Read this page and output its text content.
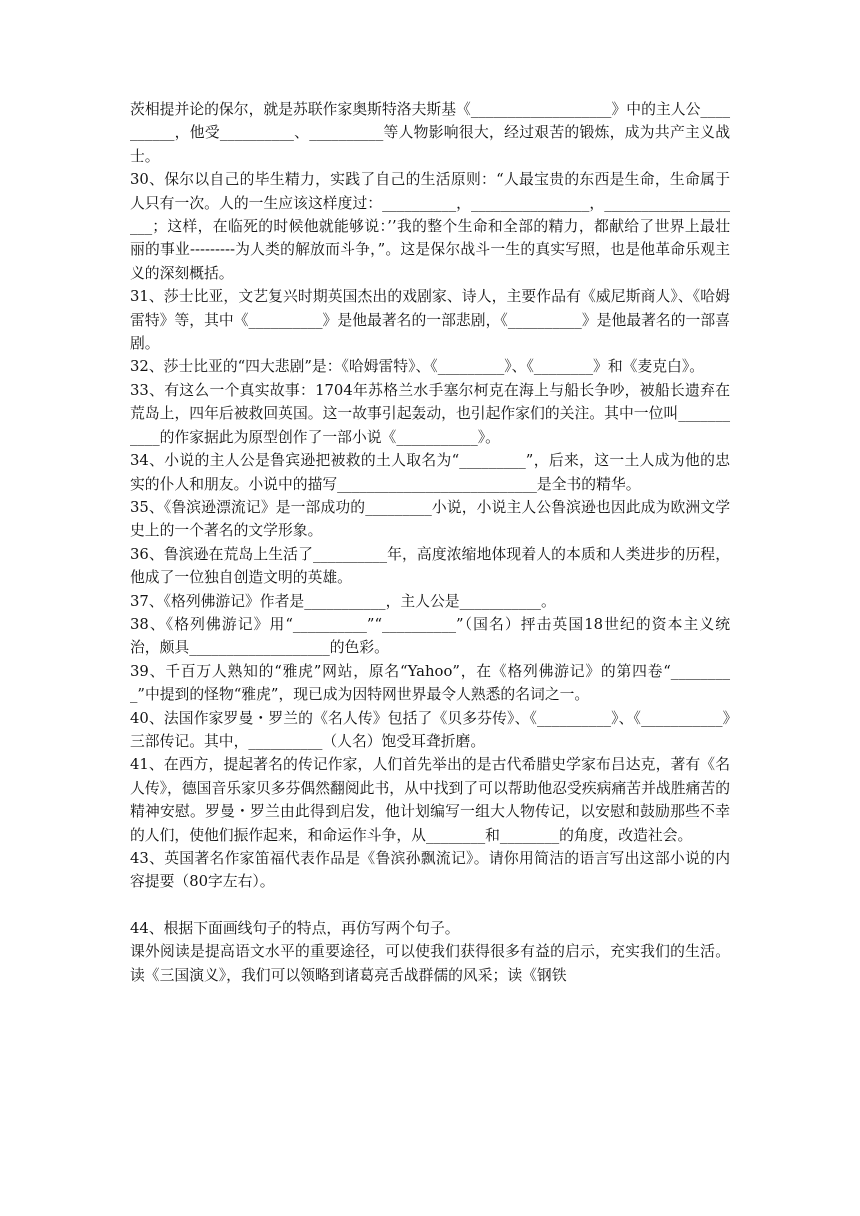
茨相提并论的保尔，就是苏联作家奥斯特洛夫斯基《___________________》中的主人公__________，他受__________、__________等人物影响很大，经过艰苦的锻炼，成为共产主义战士。

30、保尔以自己的毕生精力，实践了自己的生活原则：“人最宝贵的东西是生命，生命属于人只有一次。人的一生应该这样度过：__________，________________，____________________；这样，在临死的时候他就能够说：’’我的整个生命和全部的精力，都献给了世界上最壮丽的事业---------为人类的解放而斗争，”。这是保尔战斗一生的真实写照，也是他革命乐观主义的深刻概括。

31、莎士比亚，文艺复兴时期英国杰出的戏剧家、诗人，主要作品有《威尼斯商人》、《哈姆雷特》等，其中《__________》是他最著名的一部悲剧，《__________》是他最著名的一部喜剧。

32、莎士比亚的“四大悲剧”是：《哈姆雷特》、《_________》、《________》和《麦克白》。

33、有这么一个真实故事：1704年苏格兰水手塞尔柯克在海上与船长争吵，被船长遗弃在荒岛上，四年后被救回英国。这一故事引起轰动，也引起作家们的关注。其中一位叫___________的作家据此为原型创作了一部小说《___________》。

34、小说的主人公是鲁宾逊把被救的土人取名为“_________”，后来，这一土人成为他的忠实的仆人和朋友。小说中的描写___________________________是全书的精华。

35、《鲁滨逊漂流记》是一部成功的_________小说，小说主人公鲁滨逊也因此成为欧洲文学史上的一个著名的文学形象。

36、鲁滨逊在荒岛上生活了__________年，高度浓缩地体现着人的本质和人类进步的历程，他成了一位独自创造文明的英雄。

37、《格列佛游记》作者是___________，主人公是___________。

38、《格列佛游记》用“__________”“__________”（国名）抨击英国18世纪的资本主义统治，颇具___________________的色彩。

39、千百万人熟知的“雅虎”网站，原名“Yahoo”，在《格列佛游记》的第四卷“_________”中提到的怪物“雅虎”，现已成为因特网世界最令人熟悉的名词之一。

40、法国作家罗曼・罗兰的《名人传》包括了《贝多芬传》、《__________》、《___________》三部传记。其中，__________（人名）饱受耳聋折磨。

41、在西方，提起著名的传记作家，人们首先举出的是古代希腊史学家布吕达克，著有《名人传》，德国音乐家贝多芬偶然翻阅此书，从中找到了可以帮助他忍受疾病痛苦并战胜痛苦的精神安慰。罗曼・罗兰由此得到启发，他计划编写一组大人物传记，以安慰和鼓励那些不幸的人们，使他们振作起来，和命运作斗争，从________和________的角度，改造社会。

43、英国著名作家笛福代表作品是《鲁滨孙飘流记》。请你用简洁的语言写出这部小说的内容提要（80字左右）。

44、根据下面画线句子的特点，再仿写两个句子。

课外阅读是提高语文水平的重要途径，可以使我们获得很多有益的启示，充实我们的生活。读《三国演义》，我们可以领略到诸葛亮舌战群儒的风采；读《钢铁
